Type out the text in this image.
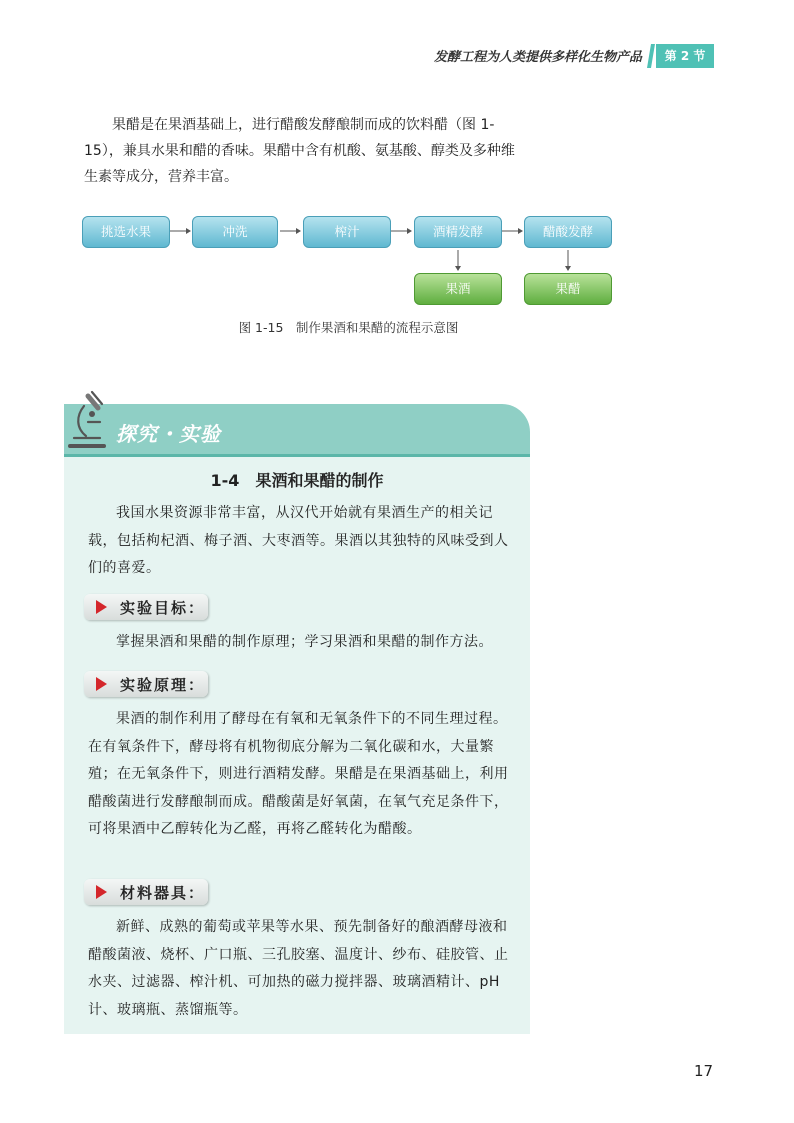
发酵工程为人类提供多样化生物产品	第 2 节
果醋是在果酒基础上，进行醋酸发酵酿制而成的饮料醋（图 1-15），兼具水果和醋的香味。果醋中含有机酸、氨基酸、醇类及多种维生素等成分，营养丰富。
挑选水果	冲洗	榨汁	酒精发酵	醋酸发酵
果酒	果醋
图 1-15　制作果酒和果醋的流程示意图
探究・实验
1-4　果酒和果醋的制作
我国水果资源非常丰富，从汉代开始就有果酒生产的相关记载，包括枸杞酒、梅子酒、大枣酒等。果酒以其独特的风味受到人们的喜爱。
实验目标：
掌握果酒和果醋的制作原理；学习果酒和果醋的制作方法。
实验原理：
果酒的制作利用了酵母在有氧和无氧条件下的不同生理过程。在有氧条件下，酵母将有机物彻底分解为二氧化碳和水，大量繁殖；在无氧条件下，则进行酒精发酵。果醋是在果酒基础上，利用醋酸菌进行发酵酿制而成。醋酸菌是好氧菌，在氧气充足条件下，可将果酒中乙醇转化为乙醛，再将乙醛转化为醋酸。
材料器具：
新鲜、成熟的葡萄或苹果等水果、预先制备好的酿酒酵母液和醋酸菌液、烧杯、广口瓶、三孔胶塞、温度计、纱布、硅胶管、止水夹、过滤器、榨汁机、可加热的磁力搅拌器、玻璃酒精计、pH 计、玻璃瓶、蒸馏瓶等。
17
